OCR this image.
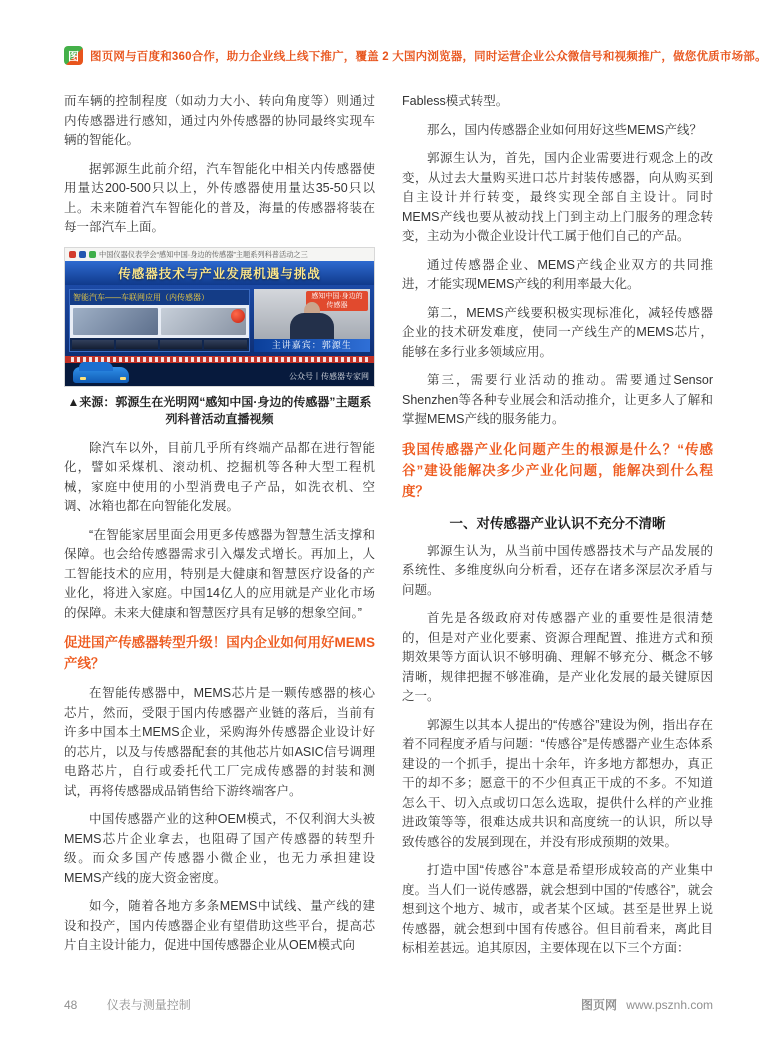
图 图页网与百度和360合作，助力企业线上线下推广，覆盖 2 大国内浏览器，同时运营企业公众微信号和视频推广，做您优质市场部。

而车辆的控制程度（如动力大小、转向角度等）则通过内传感器进行感知，通过内外传感器的协同最终实现车辆的智能化。

据郭源生此前介绍，汽车智能化中相关内传感器使用量达200-500只以上，外传感器使用量达35-50只以上。未来随着汽车智能化的普及，海量的传感器将装在每一部汽车上面。

中国仪器仪表学会“感知中国·身边的传感器”主题系列科普活动之三
传感器技术与产业发展机遇与挑战
智能汽车——车联网应用（内传感器）	感知中国·身边的传感器
主讲嘉宾：郭源生
公众号丨传感器专家网

▲来源：郭源生在光明网“感知中国·身边的传感器”主题系列科普活动直播视频

除汽车以外，目前几乎所有终端产品都在进行智能化，譬如采煤机、滚动机、挖掘机等各种大型工程机械，家庭中使用的小型消费电子产品，如洗衣机、空调、冰箱也都在向智能化发展。

“在智能家居里面会用更多传感器为智慧生活支撑和保障。也会给传感器需求引入爆发式增长。再加上，人工智能技术的应用，特别是大健康和智慧医疗设备的产业化，将进入家庭。中国14亿人的应用就是产业化市场的保障。未来大健康和智慧医疗具有足够的想象空间。”

促进国产传感器转型升级！国内企业如何用好MEMS产线？

在智能传感器中，MEMS芯片是一颗传感器的核心芯片，然而，受限于国内传感器产业链的落后，当前有许多中国本土MEMS企业，采购海外传感器企业设计好的芯片，以及与传感器配套的其他芯片如ASIC信号调理电路芯片，自行或委托代工厂完成传感器的封装和测试，再将传感器成品销售给下游终端客户。

中国传感器产业的这种OEM模式，不仅利润大头被MEMS芯片企业拿去，也阻碍了国产传感器的转型升级。而众多国产传感器小微企业，也无力承担建设MEMS产线的庞大资金密度。

如今，随着各地方多条MEMS中试线、量产线的建设和投产，国内传感器企业有望借助这些平台，提高芯片自主设计能力，促进中国传感器企业从OEM模式向

Fabless模式转型。

那么，国内传感器企业如何用好这些MEMS产线？

郭源生认为，首先，国内企业需要进行观念上的改变，从过去大量购买进口芯片封装传感器，向从购买到自主设计并行转变，最终实现全部自主设计。同时MEMS产线也要从被动找上门到主动上门服务的理念转变，主动为小微企业设计代工属于他们自己的产品。

通过传感器企业、MEMS产线企业双方的共同推进，才能实现MEMS产线的利用率最大化。

第二，MEMS产线要积极实现标准化，减轻传感器企业的技术研发难度，使同一产线生产的MEMS芯片，能够在多行业多领域应用。

第三，需要行业活动的推动。需要通过Sensor Shenzhen等各种专业展会和活动推介，让更多人了解和掌握MEMS产线的服务能力。

我国传感器产业化问题产生的根源是什么？“传感谷”建设能解决多少产业化问题，能解决到什么程度？
一、对传感器产业认识不充分不清晰

郭源生认为，从当前中国传感器技术与产品发展的系统性、多维度纵向分析看，还存在诸多深层次矛盾与问题。

首先是各级政府对传感器产业的重要性是很清楚的，但是对产业化要素、资源合理配置、推进方式和预期效果等方面认识不够明确、理解不够充分、概念不够清晰，规律把握不够准确，是产业化发展的最关键原因之一。

郭源生以其本人提出的“传感谷”建设为例，指出存在着不同程度矛盾与问题：“传感谷”是传感器产业生态体系建设的一个抓手，提出十余年，许多地方都想办，真正干的却不多；愿意干的不少但真正干成的不多。不知道怎么干、切入点或切口怎么选取，提供什么样的产业推进政策等等，很难达成共识和高度统一的认识，所以导致传感谷的发展到现在，并没有形成预期的效果。

打造中国“传感谷”本意是希望形成较高的产业集中度。当人们一说传感器，就会想到中国的“传感谷”，就会想到这个地方、城市，或者某个区域。甚至是世界上说传感器，就会想到中国有传感谷。但目前看来，离此目标相差甚远。追其原因，主要体现在以下三个方面：

48 仪表与测量控制	图页网 www.psznh.com
